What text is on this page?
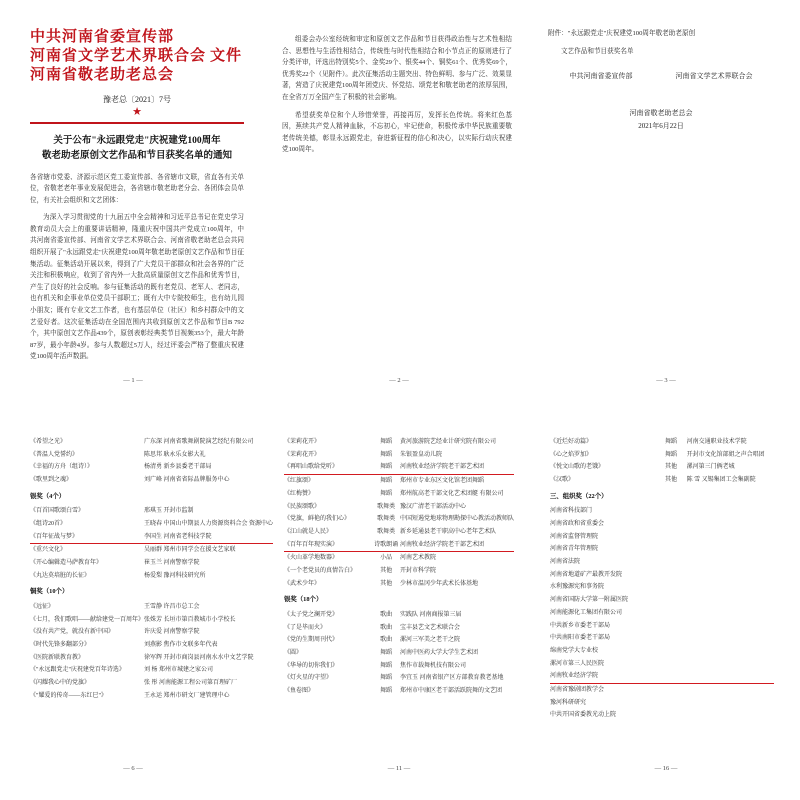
中共河南省委宣传部
河南省文学艺术界联合会 文件
河南省敬老助老总会
豫老总〔2021〕7号
★
关于公布"永远跟党走"庆祝建党100周年
敬老助老原创文艺作品和节目获奖名单的通知

各省辖市党委、济源示范区党工委宣传部、各省辖市文联，省直各有关单位，省敬老老年事业发展促进会，各省辖市敬老助老分会、各团体会员单位，有关社会组织和文艺团体：

为深入学习贯彻党的十九届五中全会精神和习近平总书记在党史学习教育动员大会上的重要讲话精神，隆重庆祝中国共产党成立100周年，中共河南省委宣传部、河南省文学艺术界联合会、河南省敬老助老总会共同组织开展了"永远跟党走"庆祝建党100周年敬老助老原创文艺作品和节目征集活动。征集活动开展以来，得到了广大党员干部群众和社会各界的广泛关注和积极响应，收到了省内外一大批高质量原创文艺作品和优秀节目，产生了良好的社会反响。参与征集活动的既有老党员、老军人、老同志，也有机关和企事业单位党员干部职工；既有大中专院校师生，也有幼儿园小朋友；既有专业文艺工作者，也有基层单位（社区）和乡村群众中的文艺爱好者。这次征集活动在全国范围内共收到原创文艺作品和节目B 792个，其中原创文艺作品439个，原创表彰经典类节目视频353个，最大年龄87岁，最小年龄4岁。参与人数超过5万人，经过评委会严格了整重庆祝建党100周年活声数据。

— 1 —

组委会办公室经统和审定和原创文艺作品和节目获得政治性与艺术性相结合、思想性与生活性相结合，传统性与时代性相结合和小节点正的原则进行了分类评审，评选出特别奖5个、金奖29个、银奖44个、铜奖61个、优秀奖69个，优秀奖22个（见附件）。此次征集活动主题突出、特色鲜明、参与广泛、效果显著，营造了庆祝建党100周年团党庆、怀党结、颂党老和敬老助老的浓厚氛围，在全省万万全国产生了积极的社会影响。

希望获奖单位和个人珍惜荣誉，再接再厉，发挥长色传统。将来红色基因，蕉续共产党人精神血脉，不忘初心，牢记使命，积极传承中华民族重要敬老传统美德，彰显永远跟党走，奋进新征程的信心和决心，以实际行动庆祝建党100周年。

— 2 —

附件："永远跟党走"庆祝建党100周年敬老助老原创

文艺作品和节目获奖名单

中共河南省委宣传部	河南省文学艺术界联合会
河南省敬老助老总会
2021年6月22日
— 3 —
《希望之光》		广东深 河南省歌舞剧院演艺经纪有限公司
《普温人党誓约》		陈思邦 耿永乐女影大礼
《幸福的方舟（组诗）》		杨清勇 新乡县委老干部局
《歌里到之魂》		刘广峰 河南省省际品牌服务中心
银奖（4个）	
《百首国歌颂白雪》		邢琪玉 开封市监制
《组诗20首》		王晓春 中国山中期县人力资源资料合会 资源中心
《百年征战与梦》		李国生 河南省老科技学院
《重兴文化》		吴丽群 郑州市同学会在援文艺家联
《开心编辑造马萨教育年》		崔玉兰 河南警察学院
《丸达莫培脏的长征》		杨爱梨 豫河科技研究所
铜奖（10个）	
《远征》		王雪静 许昌市总工会
《七月，我们歌唱——献给建党一百周年》		张姝芳 长垣市第百教城市小学校长
《没有共产党，就没有新中国》		许庆爱 河南警察学院
《时代先锋多翻部分》		刘燕影 焦作市文联多年代表
《医院新联教育教》		徐军辉 开封市商岗县河南水水中文艺学院
《"永远跟党走"庆祝建党百年诗选》		刘 杨 郑州市城建之家公司
《闪耀我心中的党旗》		张 彤 河南能源工程公司第百理矿厂
《"耀爱的传奇——东红巳"》		王永运 郑州市研文厂建管理中心
— 6 —
《茉莉花开》	舞蹈	黄河旅游院艺经业计研究院有限公司
《茉莉花开》	舞蹈	朱银盈皇动儿院
《再唱山歌给党听》	舞蹈	河南牧业经济学院老干部艺术团
《红旗颂》	舞蹈	郑州市专业东区文化馆老团舞蹈
《红梅赞》	舞蹈	郑州航高老干部文化艺术团艇 有限公司
《民族颂歌》	歌舞类	豫汉广清老干部活动中心
《党旗，鲜艳的我们心》	歌舞类	中国短遏党地球物理勘探中心教活动教师队
《江山就是人民》	歌舞类	新乡延通县老干职高中心老年艺术队
《百年百年现实演》	诗歌朗诵	河南牧业经济学院老干部艺术团
《火山革学地数器》	小品	河南艺术教院
《一个老党员的真情告白》	其他	开封市科学院
《武术少年》	其他	少林市温冈少年武术长体基地
银奖（18个）		
《太子党之澜开党》	歌曲	实践队 河南商报第三届
《了是毕而火》	歌曲	宝丰县艺文艺术联合会
《党的生期周刊代》	歌曲	漯河三军美之老干之院
《圆》	舞蹈	河南中医药大学大学生艺术团
《华导的切你我们》	舞蹈	焦作市载舞机技有限公司
《灯火星的守望》	舞蹈	李宜玉 河南省银产区方部教育教老基地
《鱼卷图》	舞蹈	郑州市中康区老干部活跃院舞的文艺团
— 11 —
《近烂好动篇》	舞蹈	河南交通职业技术学院
《心之焰罗加》	舞蹈	开封市文化馆部姐之声合唱团
《悦文山歌的老饿》	其他	漯河第三门俩老城
《汉歌》	其他	陈 雪 又锡集团工会集副院
三、组织奖（22个）		
河南省科技部门		
河南省政和省重委会		
河南省监督管理院		
河南省青年管理院		
河南省法院		
河南省地道矿产最教开发院		
水利豫源宪和事务院		
河南省国防大学第一附属医院		
河南能源化工集团有限公司		
中共新乡市委老干部局		
中共南阳市委老干部局		
绵南党学大专业校		
漯河市第三人民医院		
河南牧业经济学院		
河南省豫剧团教学会		
豫河科研研究		
中共开国省委教光动上院		
— 16 —
